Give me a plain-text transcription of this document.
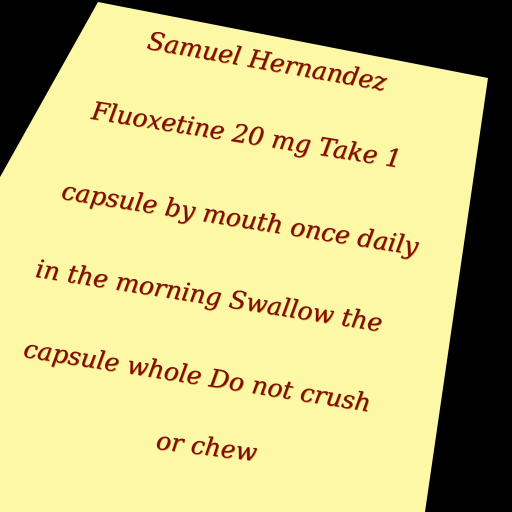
Samuel Hernandez
Fluoxetine 20 mg Take 1
capsule by mouth once daily
in the morning Swallow the
capsule whole Do not crush
or chew
